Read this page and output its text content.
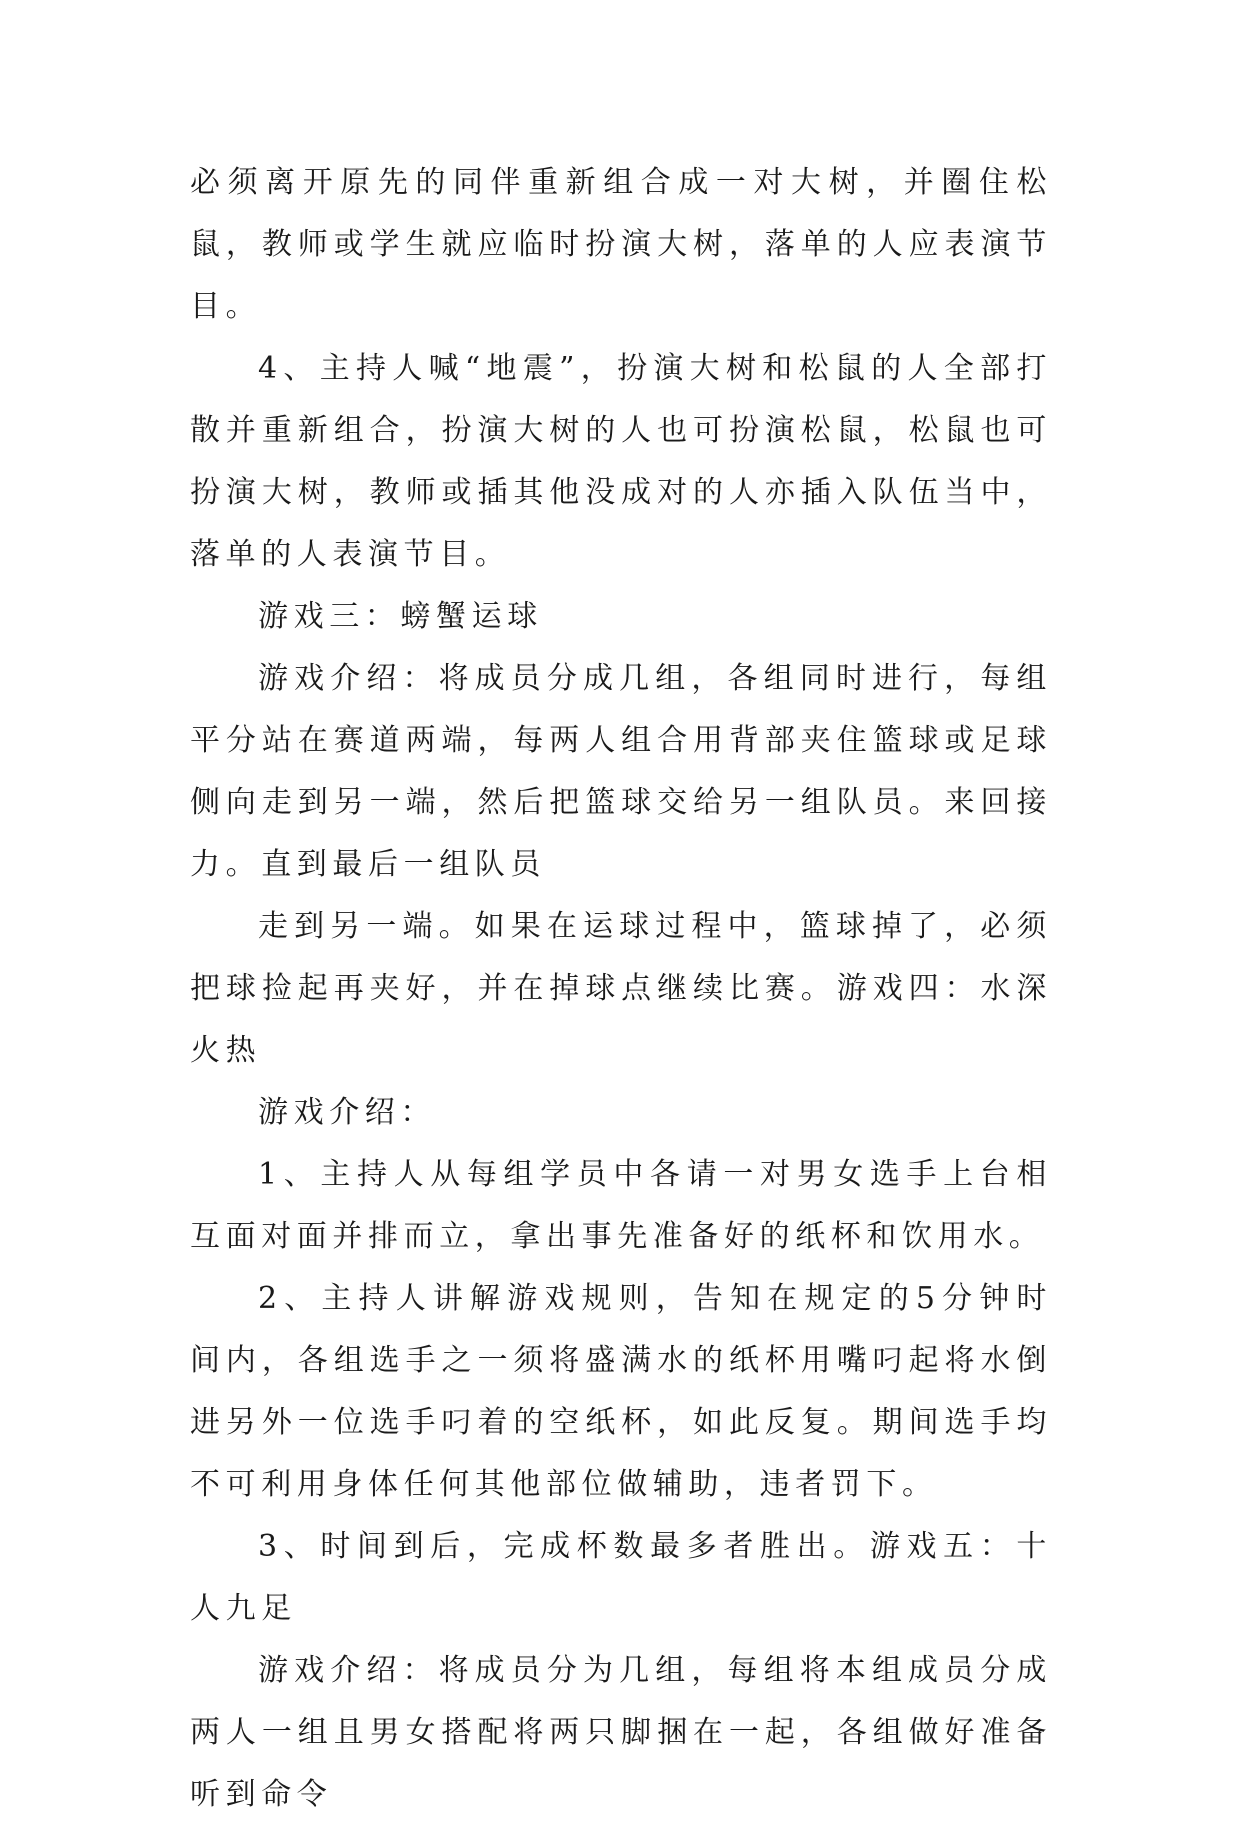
必须离开原先的同伴重新组合成一对大树，并圈住松鼠，教师或学生就应临时扮演大树，落单的人应表演节目。

4、主持人喊“地震”，扮演大树和松鼠的人全部打散并重新组合，扮演大树的人也可扮演松鼠，松鼠也可扮演大树，教师或插其他没成对的人亦插入队伍当中，落单的人表演节目。

游戏三：螃蟹运球

游戏介绍：将成员分成几组，各组同时进行，每组平分站在赛道两端，每两人组合用背部夹住篮球或足球侧向走到另一端，然后把篮球交给另一组队员。来回接力。直到最后一组队员

走到另一端。如果在运球过程中，篮球掉了，必须把球捡起再夹好，并在掉球点继续比赛。游戏四：水深火热

游戏介绍：

1、主持人从每组学员中各请一对男女选手上台相互面对面并排而立，拿出事先准备好的纸杯和饮用水。

2、主持人讲解游戏规则，告知在规定的5分钟时间内，各组选手之一须将盛满水的纸杯用嘴叼起将水倒进另外一位选手叼着的空纸杯，如此反复。期间选手均不可利用身体任何其他部位做辅助，违者罚下。

3、时间到后，完成杯数最多者胜出。游戏五：十人九足

游戏介绍：将成员分为几组，每组将本组成员分成两人一组且男女搭配将两只脚捆在一起，各组做好准备听到命令
